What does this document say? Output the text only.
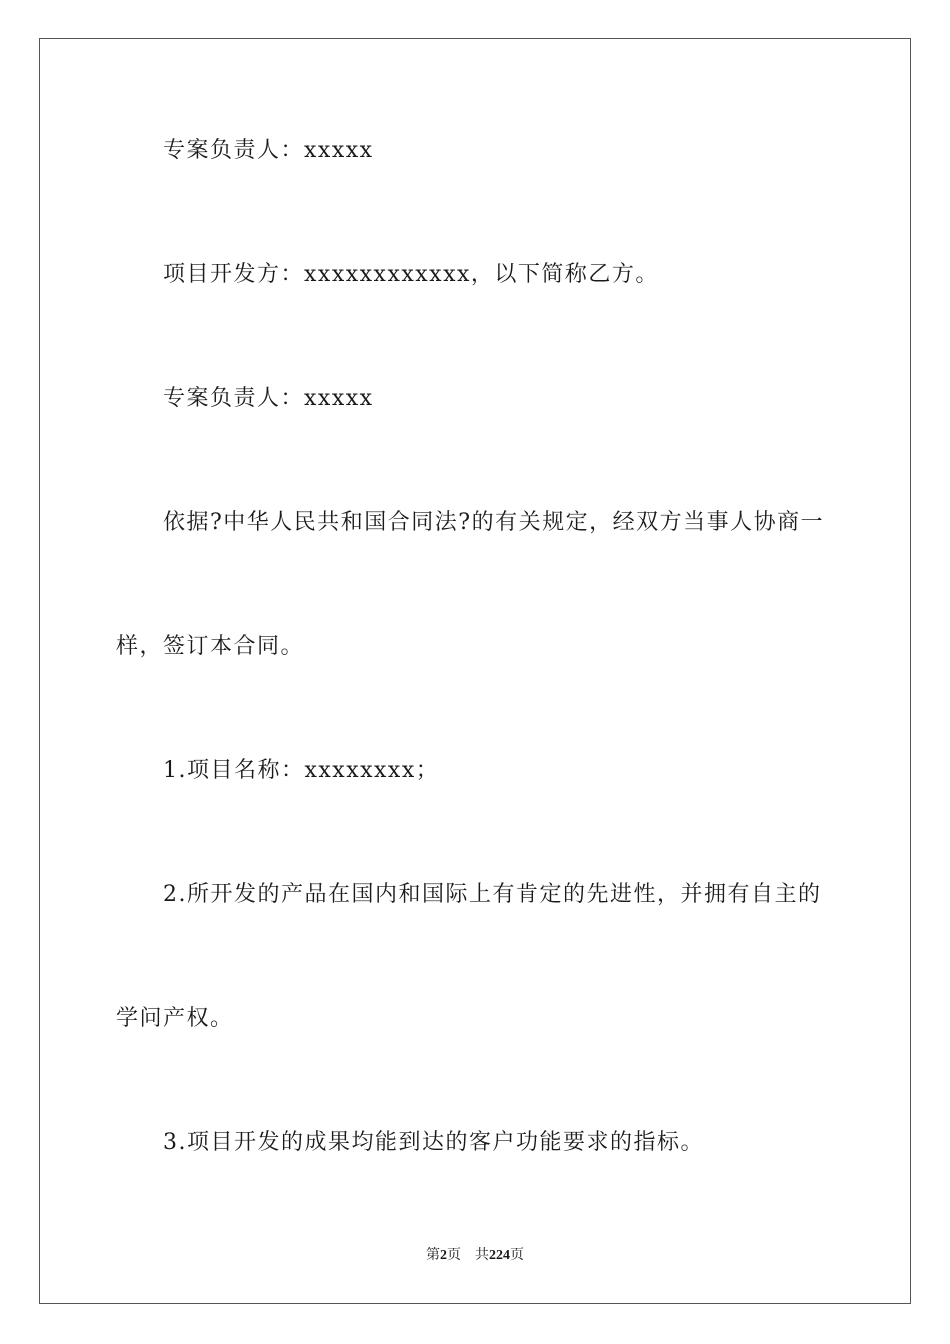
专案负责人：xxxxx
项目开发方：xxxxxxxxxxxx，以下简称乙方。
专案负责人：xxxxx
依据?中华人民共和国合同法?的有关规定，经双方当事人协商一
样，签订本合同。
1.项目名称：xxxxxxxx；
2.所开发的产品在国内和国际上有肯定的先进性，并拥有自主的
学问产权。
3.项目开发的成果均能到达的客户功能要求的指标。
第2页 共224页
